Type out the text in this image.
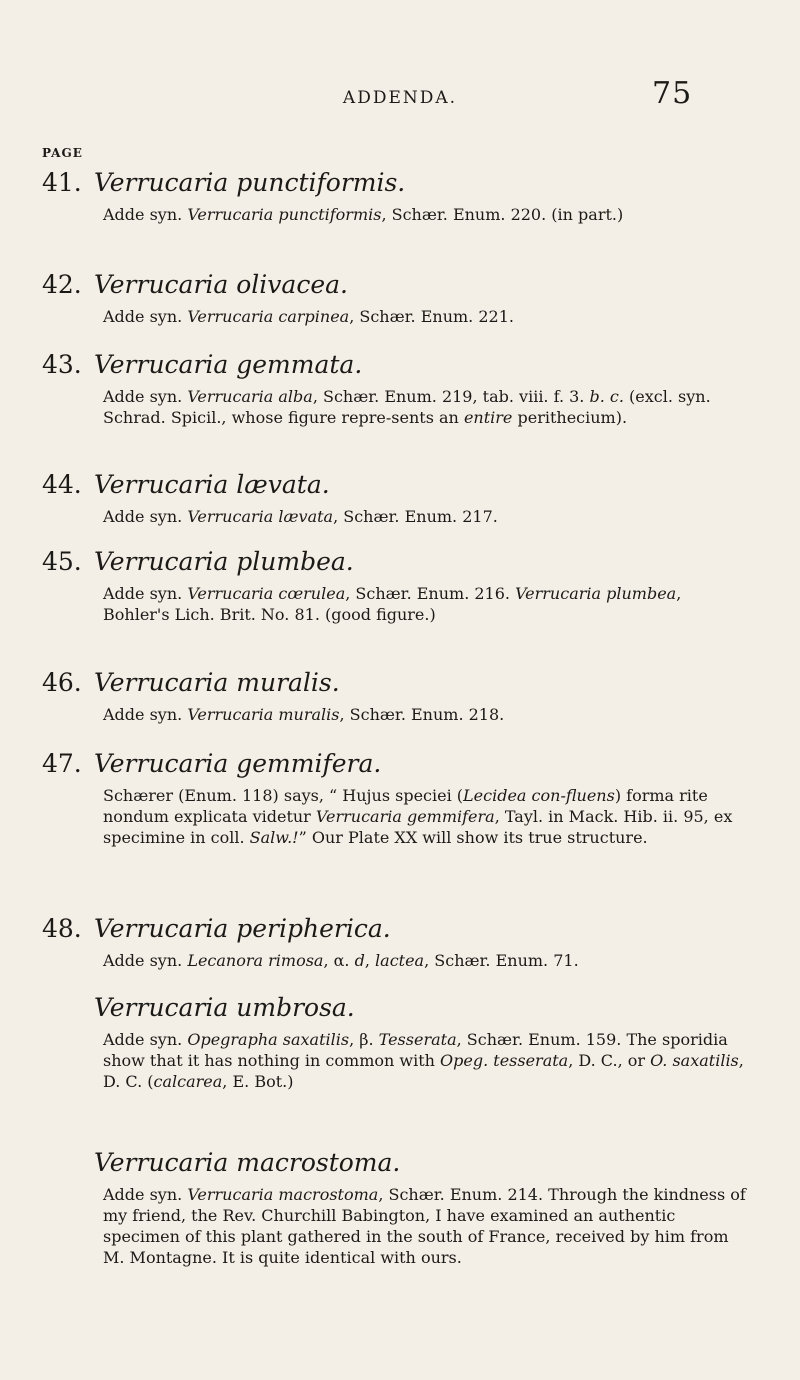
ADDENDA.	75
PAGE
41. Verrucaria punctiformis.
Adde syn. Verrucaria punctiformis, Schær. Enum. 220. (in part.)
42. Verrucaria olivacea.
Adde syn. Verrucaria carpinea, Schær. Enum. 221.
43. Verrucaria gemmata.
Adde syn. Verrucaria alba, Schær. Enum. 219, tab. viii. f. 3. b. c. (excl. syn. Schrad. Spicil., whose figure repre-sents an entire perithecium).
44. Verrucaria lævata.
Adde syn. Verrucaria lævata, Schær. Enum. 217.
45. Verrucaria plumbea.
Adde syn. Verrucaria cœrulea, Schær. Enum. 216. Verrucaria plumbea, Bohler's Lich. Brit. No. 81. (good figure.)
46. Verrucaria muralis.
Adde syn. Verrucaria muralis, Schær. Enum. 218.
47. Verrucaria gemmifera.
Schærer (Enum. 118) says, “ Hujus speciei (Lecidea con-fluens) forma rite nondum explicata videtur Verrucaria gemmifera, Tayl. in Mack. Hib. ii. 95, ex specimine in coll. Salw.!” Our Plate XX will show its true structure.
48. Verrucaria peripherica.
Adde syn. Lecanora rimosa, α. d, lactea, Schær. Enum. 71.
Verrucaria umbrosa.
Adde syn. Opegrapha saxatilis, β. Tesserata, Schær. Enum. 159. The sporidia show that it has nothing in common with Opeg. tesserata, D. C., or O. saxatilis, D. C. (calcarea, E. Bot.)
Verrucaria macrostoma.
Adde syn. Verrucaria macrostoma, Schær. Enum. 214. Through the kindness of my friend, the Rev. Churchill Babington, I have examined an authentic specimen of this plant gathered in the south of France, received by him from M. Montagne. It is quite identical with ours.
